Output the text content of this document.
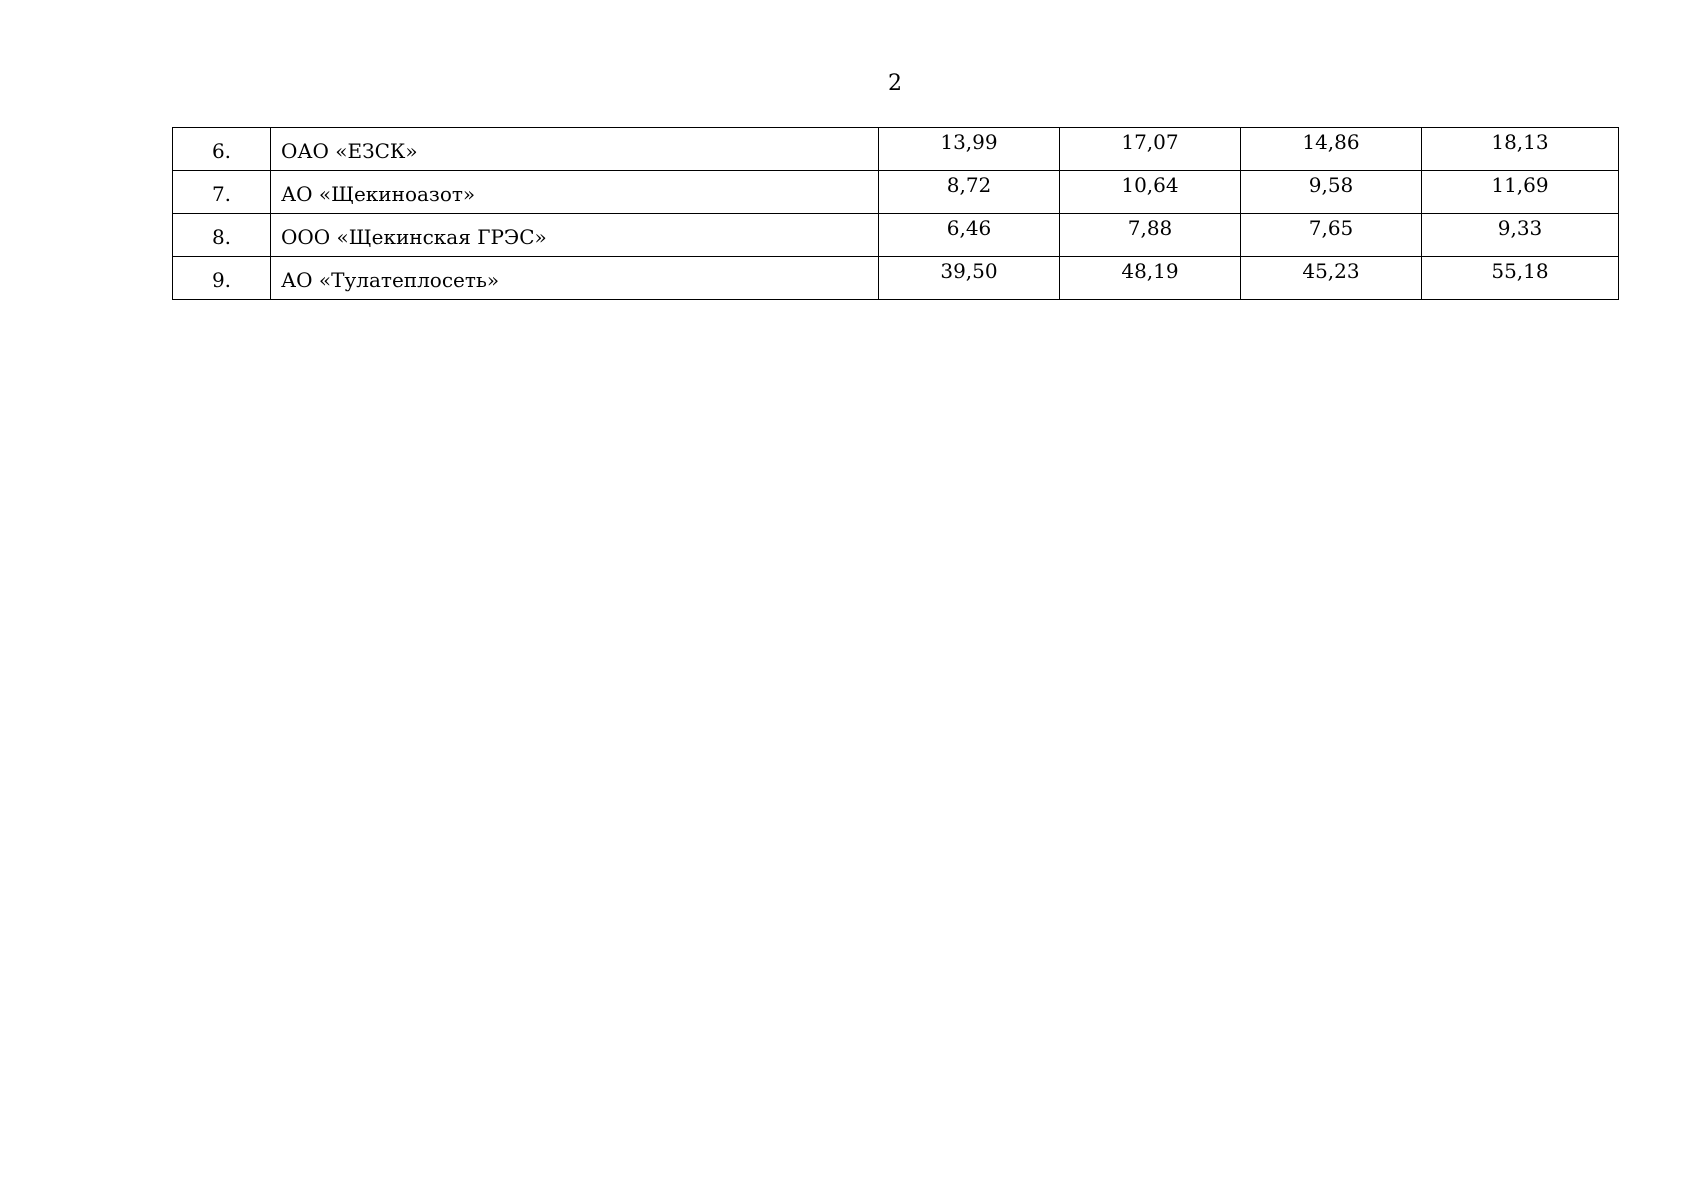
2
6.	ОАО «ЕЗСК»	13,99	17,07	14,86	18,13
7.	АО «Щекиноазот»	8,72	10,64	9,58	11,69
8.	ООО «Щекинская ГРЭС»	6,46	7,88	7,65	9,33
9.	АО «Тулатеплосеть»	39,50	48,19	45,23	55,18
